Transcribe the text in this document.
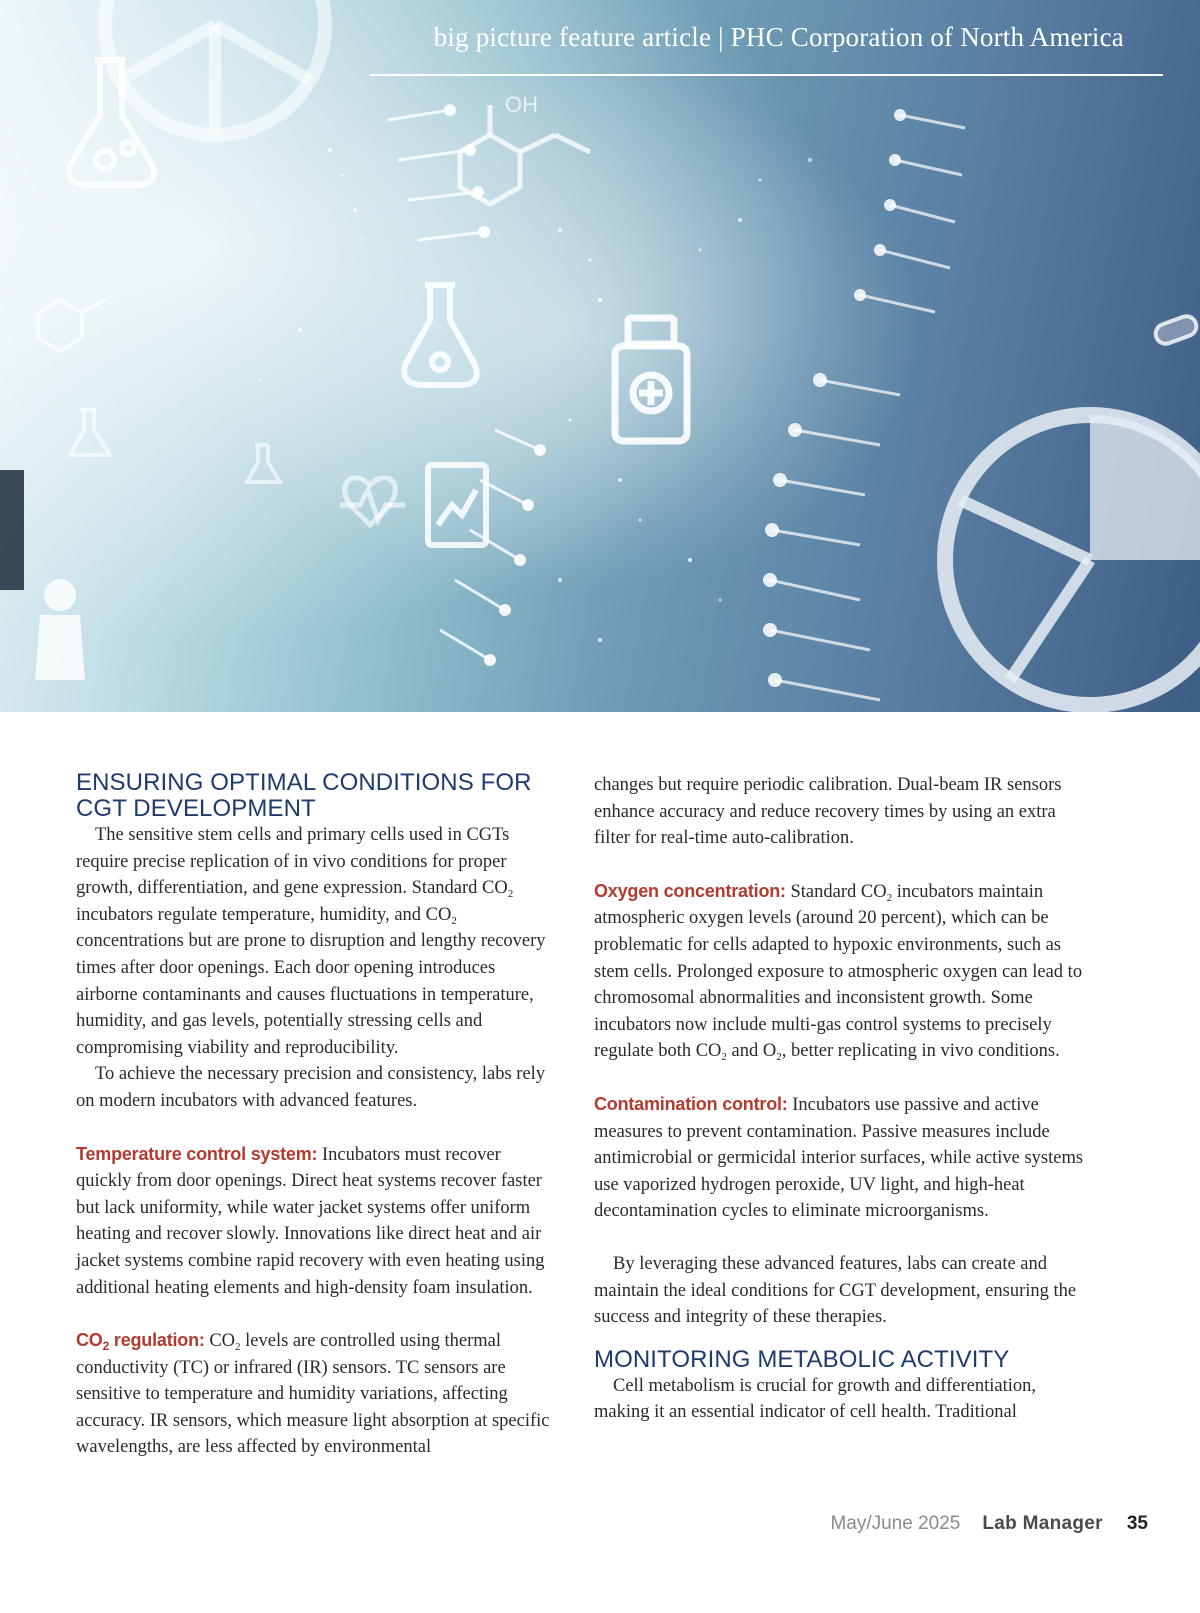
OH
big picture feature article | PHC Corporation of North America
ENSURING OPTIMAL CONDITIONS FOR CGT DEVELOPMENT

The sensitive stem cells and primary cells used in CGTs require precise replication of in vivo conditions for proper growth, differentiation, and gene expression. Standard $CO_2$ incubators regulate temperature, humidity, and $CO_2$ concentrations but are prone to disruption and lengthy recovery times after door openings. Each door opening introduces airborne contaminants and causes fluctuations in temperature, humidity, and gas levels, potentially stressing cells and compromising viability and reproducibility.

To achieve the necessary precision and consistency, labs rely on modern incubators with advanced features.

Temperature control system: Incubators must recover quickly from door openings. Direct heat systems recover faster but lack uniformity, while water jacket systems offer uniform heating and recover slowly. Innovations like direct heat and air jacket systems combine rapid recovery with even heating using additional heating elements and high-density foam insulation.

$CO_2$ regulation: $CO_2$ levels are controlled using thermal conductivity (TC) or infrared (IR) sensors. TC sensors are sensitive to temperature and humidity variations, affecting accuracy. IR sensors, which measure light absorption at specific wavelengths, are less affected by environmental

changes but require periodic calibration. Dual-beam IR sensors enhance accuracy and reduce recovery times by using an extra filter for real-time auto-calibration.

Oxygen concentration: Standard $CO_2$ incubators maintain atmospheric oxygen levels (around 20 percent), which can be problematic for cells adapted to hypoxic environments, such as stem cells. Prolonged exposure to atmospheric oxygen can lead to chromosomal abnormalities and inconsistent growth. Some incubators now include multi-gas control systems to precisely regulate both $CO_2$ and $O_2$, better replicating in vivo conditions.

Contamination control: Incubators use passive and active measures to prevent contamination. Passive measures include antimicrobial or germicidal interior surfaces, while active systems use vaporized hydrogen peroxide, UV light, and high-heat decontamination cycles to eliminate microorganisms.

By leveraging these advanced features, labs can create and maintain the ideal conditions for CGT development, ensuring the success and integrity of these therapies.

MONITORING METABOLIC ACTIVITY

Cell metabolism is crucial for growth and differentiation, making it an essential indicator of cell health. Traditional

May/June 2025 Lab Manager 35
